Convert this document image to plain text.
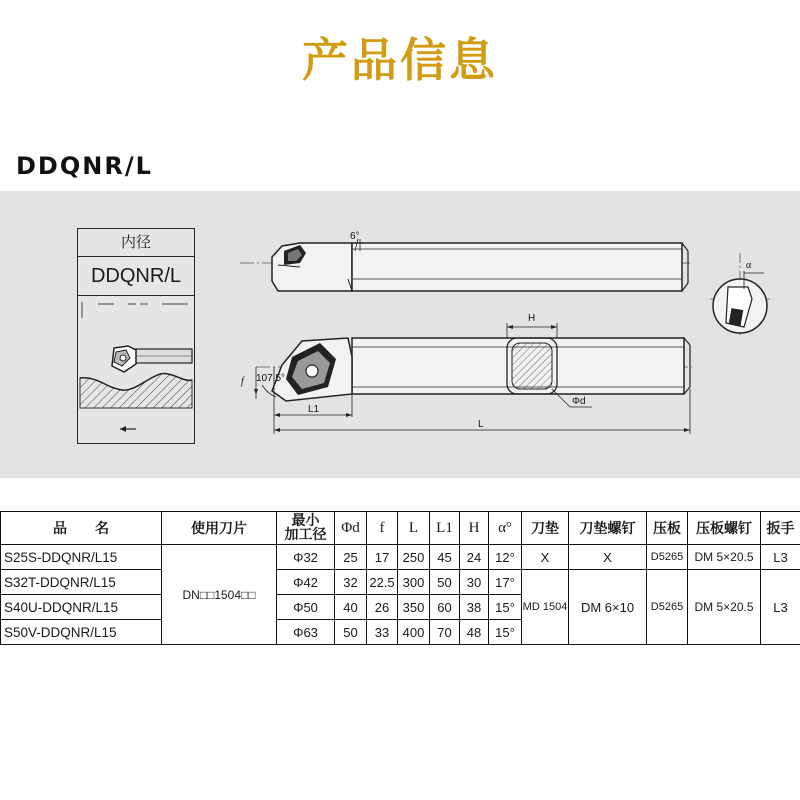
产品信息
DDQNR/L
内径
DDQNR/L
6°
α
H
f 107.5°
L1
L
Φd
品　　名	使用刀片	最小
加工径	Φd	f	L	L1	H	α°	刀垫	刀垫螺钉	压板	压板螺钉	扳手
S25S-DDQNR/L15	DN□□1504□□	Φ32	25	17	250	45	24	12°	X	X	D5265	DM 5×20.5	L3
S32T-DDQNR/L15		Φ42	32	22.5	300	50	30	17°	MD 1504	DM 6×10	D5265	DM 5×20.5	L3
S40U-DDQNR/L15		Φ50	40	26	350	60	38	15°					
S50V-DDQNR/L15		Φ63	50	33	400	70	48	15°					
